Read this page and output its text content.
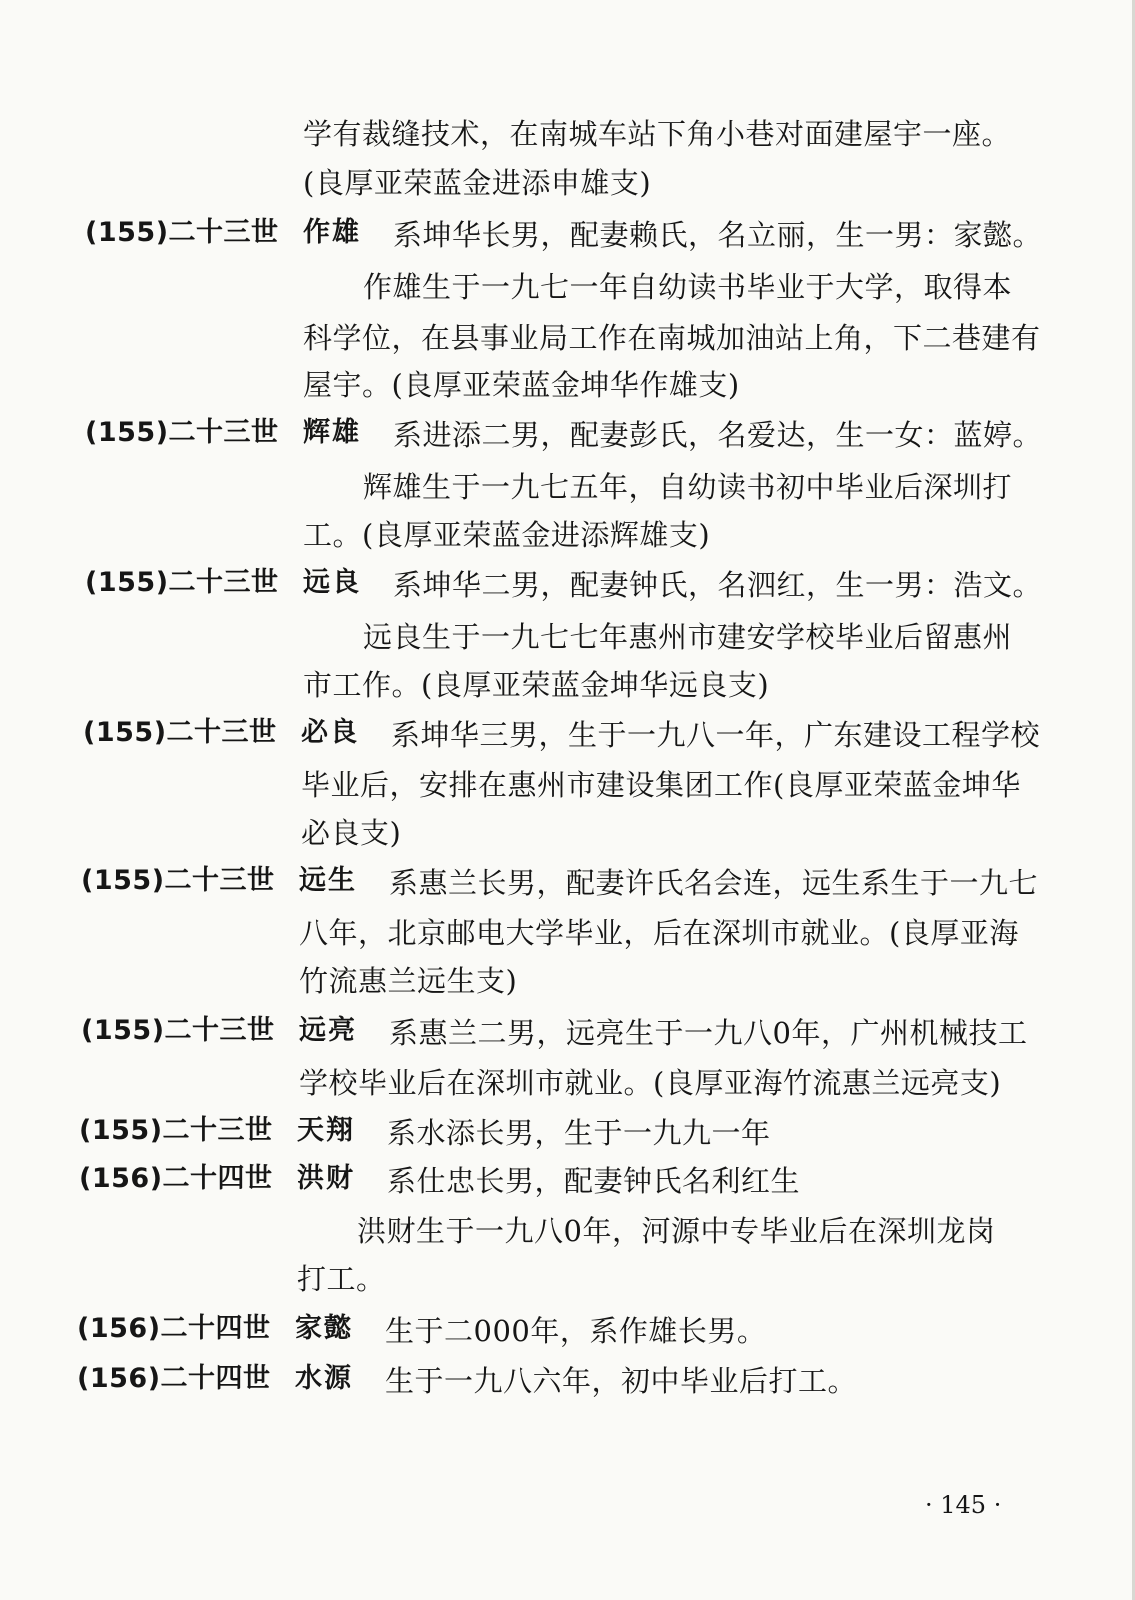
学有裁缝技术，在南城车站下角小巷对面建屋宇一座。
(良厚亚荣蓝金进添申雄支)
(155)二十三世 作雄 系坤华长男，配妻赖氏，名立丽，生一男：家懿。
作雄生于一九七一年自幼读书毕业于大学，取得本
科学位，在县事业局工作在南城加油站上角，下二巷建有
屋宇。(良厚亚荣蓝金坤华作雄支)
(155)二十三世 辉雄 系进添二男，配妻彭氏，名爱达，生一女：蓝婷。
辉雄生于一九七五年，自幼读书初中毕业后深圳打
工。(良厚亚荣蓝金进添辉雄支)
(155)二十三世 远良 系坤华二男，配妻钟氏，名泗红，生一男：浩文。
远良生于一九七七年惠州市建安学校毕业后留惠州
市工作。(良厚亚荣蓝金坤华远良支)
(155)二十三世 必良 系坤华三男，生于一九八一年，广东建设工程学校
毕业后，安排在惠州市建设集团工作(良厚亚荣蓝金坤华
必良支)
(155)二十三世 远生 系惠兰长男，配妻许氏名会连，远生系生于一九七
八年，北京邮电大学毕业，后在深圳市就业。(良厚亚海
竹流惠兰远生支)
(155)二十三世 远亮 系惠兰二男，远亮生于一九八0年，广州机械技工
学校毕业后在深圳市就业。(良厚亚海竹流惠兰远亮支)
(155)二十三世 天翔 系水添长男，生于一九九一年
(156)二十四世 洪财 系仕忠长男，配妻钟氏名利红生
洪财生于一九八0年，河源中专毕业后在深圳龙岗
打工。
(156)二十四世 家懿 生于二000年，系作雄长男。
(156)二十四世 水源 生于一九八六年，初中毕业后打工。
· 145 ·
